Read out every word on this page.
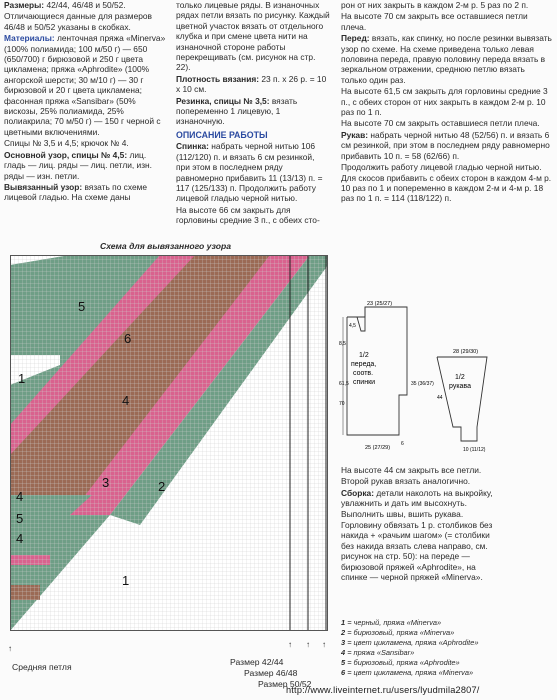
Размеры: 42/44, 46/48 и 50/52.

Отличающиеся данные для размеров 46/48 и 50/52 указаны в скобках.

Материалы: ленточная пряжа «Minerva» (100% полиамида; 100 м/50 г) — 650 (650/700) г бирюзовой и 250 г цвета цикламена; пряжа «Aphrodite» (100% ангорской шерсти; 30 м/10 г) — 30 г бирюзовой и 20 г цвета цикламена; фасонная пряжа «Sansibar» (50% вискозы, 25% полиамида, 25% полиакрила; 70 м/50 г) — 150 г черной с цветными включениями.

Спицы № 3,5 и 4,5; крючок № 4.

Основной узор, спицы № 4,5: лиц. гладь — лиц. ряды — лиц. петли, изн. ряды — изн. петли.

Вывязанный узор: вязать по схеме лицевой гладью. На схеме даны

только лицевые ряды. В изнаночных рядах петли вязать по рисунку. Каждый цветной участок вязать от отдельного клубка и при смене цвета нити на изнаночной стороне работы перекрещивать (см. рисунок на стр. 22).

Плотность вязания: 23 п. х 26 р. = 10 х 10 см.

Резинка, спицы № 3,5: вязать попеременно 1 лицевую, 1 изнаночную.

ОПИСАНИЕ РАБОТЫ

Спинка: набрать черной нитью 106 (112/120) п. и вязать 6 см резинкой, при этом в последнем ряду равномерно прибавить 11 (13/13) п. = 117 (125/133) п. Продолжить работу лицевой гладью черной нитью.

На высоте 66 см закрыть для горловины средние 3 п., с обеих сто-

рон от них закрыть в каждом 2-м р. 5 раз по 2 п.

На высоте 70 см закрыть все оставшиеся петли плеча.

Перед: вязать, как спинку, но после резинки вывязать узор по схеме. На схеме приведена только левая половина переда, правую половину переда вязать в зеркальном отражении, среднюю петлю вязать только один раз.

На высоте 61,5 см закрыть для горловины средние 3 п., с обеих сторон от них закрыть в каждом 2-м р. 10 раз по 1 п.

На высоте 70 см закрыть оставшиеся петли плеча.

Рукав: набрать черной нитью 48 (52/56) п. и вязать 6 см резинкой, при этом в последнем ряду равномерно прибавить 10 п. = 58 (62/66) п.

Продолжить работу лицевой гладью черной нитью. Для скосов прибавить с обеих сторон в каждом 4-м р. 10 раз по 1 и попеременно в каждом 2-м и 4-м р. 18 раз по 1 п. = 114 (118/122) п.

23 (25/27)
4,5
8,5
61,5
70
35 (36/37)
25 (27/29)
6
1/2 переда, соотв. спинки
28 (29/30)
1/2 рукава
44
10 (11/12)

На высоте 44 см закрыть все петли.

Второй рукав вязать аналогично.

Сборка: детали наколоть на выкройку, увлажнить и дать им высохнуть. Выполнить швы, вшить рукава.

Горловину обвязать 1 р. столбиков без накида + «рачьим шагом» (= столбики без накида вязать слева направо, см. рисунок на стр. 50): на переде — бирюзовой пряжей «Aphrodite», на спинке — черной пряжей «Minerva».

1 = черный, пряжа «Minerva»
2 = бирюзовый, пряжа «Minerva»
3 = цвет цикламена, пряжа «Aphrodite»
4 = пряжа «Sansibar»
5 = бирюзовый, пряжа «Aphrodite»
6 = цвет цикламена, пряжа «Minerva»
Схема для вывязанного узора
5
6
1
4
3	2
4
5
4
1
↑
Средняя петля	Размер 42/44
Размер 46/48
Размер 50/52
↑ ↑ ↑
http://www.liveinternet.ru/users/lyudmila2807/
